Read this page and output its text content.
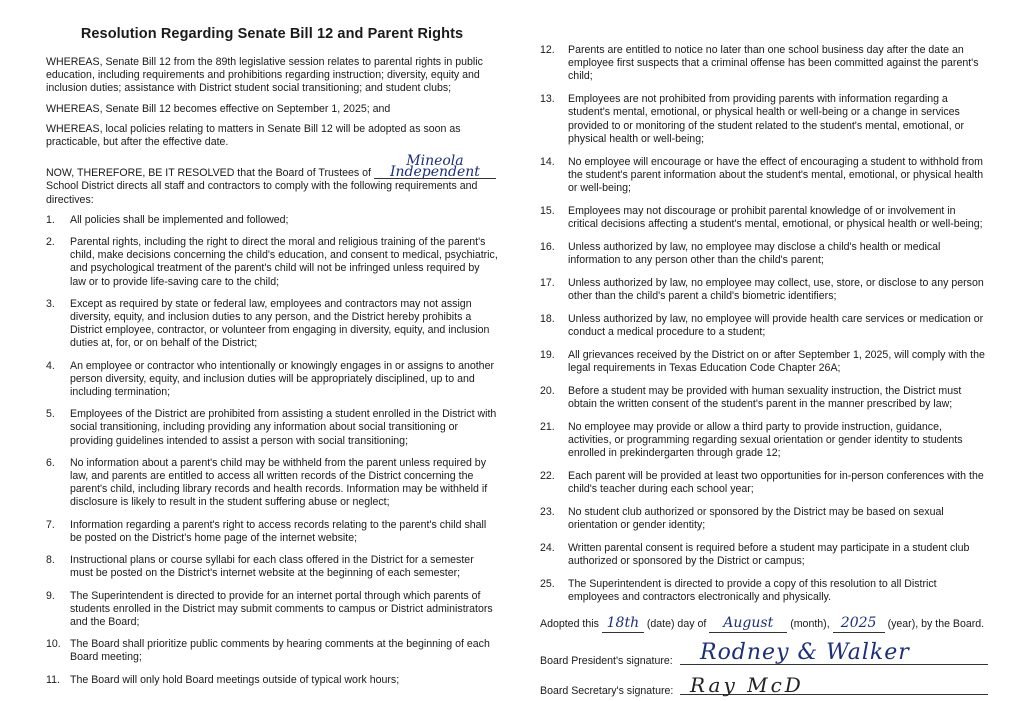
Resolution Regarding Senate Bill 12 and Parent Rights

WHEREAS, Senate Bill 12 from the 89th legislative session relates to parental rights in public education, including requirements and prohibitions regarding instruction; diversity, equity and inclusion duties; assistance with District student social transitioning; and student clubs;

WHEREAS, Senate Bill 12 becomes effective on September 1, 2025; and

WHEREAS, local policies relating to matters in Senate Bill 12 will be adopted as soon as practicable, but after the effective date.

NOW, THEREFORE, BE IT RESOLVED that the Board of Trustees of Mineola Independent School District directs all staff and contractors to comply with the following requirements and directives:

1. All policies shall be implemented and followed;
2. Parental rights, including the right to direct the moral and religious training of the parent's child, make decisions concerning the child's education, and consent to medical, psychiatric, and psychological treatment of the parent's child will not be infringed unless required by law or to provide life-saving care to the child;
3. Except as required by state or federal law, employees and contractors may not assign diversity, equity, and inclusion duties to any person, and the District hereby prohibits a District employee, contractor, or volunteer from engaging in diversity, equity, and inclusion duties at, for, or on behalf of the District;
4. An employee or contractor who intentionally or knowingly engages in or assigns to another person diversity, equity, and inclusion duties will be appropriately disciplined, up to and including termination;
5. Employees of the District are prohibited from assisting a student enrolled in the District with social transitioning, including providing any information about social transitioning or providing guidelines intended to assist a person with social transitioning;
6. No information about a parent's child may be withheld from the parent unless required by law, and parents are entitled to access all written records of the District concerning the parent's child, including library records and health records. Information may be withheld if disclosure is likely to result in the student suffering abuse or neglect;
7. Information regarding a parent's right to access records relating to the parent's child shall be posted on the District's home page of the internet website;
8. Instructional plans or course syllabi for each class offered in the District for a semester must be posted on the District's internet website at the beginning of each semester;
9. The Superintendent is directed to provide for an internet portal through which parents of students enrolled in the District may submit comments to campus or District administrators and the Board;
10. The Board shall prioritize public comments by hearing comments at the beginning of each Board meeting;
11. The Board will only hold Board meetings outside of typical work hours;
12. Parents are entitled to notice no later than one school business day after the date an employee first suspects that a criminal offense has been committed against the parent's child;
13. Employees are not prohibited from providing parents with information regarding a student's mental, emotional, or physical health or well-being or a change in services provided to or monitoring of the student related to the student's mental, emotional, or physical health or well-being;
14. No employee will encourage or have the effect of encouraging a student to withhold from the student's parent information about the student's mental, emotional, or physical health or well-being;
15. Employees may not discourage or prohibit parental knowledge of or involvement in critical decisions affecting a student's mental, emotional, or physical health or well-being;
16. Unless authorized by law, no employee may disclose a child's health or medical information to any person other than the child's parent;
17. Unless authorized by law, no employee may collect, use, store, or disclose to any person other than the child's parent a child's biometric identifiers;
18. Unless authorized by law, no employee will provide health care services or medication or conduct a medical procedure to a student;
19. All grievances received by the District on or after September 1, 2025, will comply with the legal requirements in Texas Education Code Chapter 26A;
20. Before a student may be provided with human sexuality instruction, the District must obtain the written consent of the student's parent in the manner prescribed by law;
21. No employee may provide or allow a third party to provide instruction, guidance, activities, or programming regarding sexual orientation or gender identity to students enrolled in prekindergarten through grade 12;
22. Each parent will be provided at least two opportunities for in-person conferences with the child's teacher during each school year;
23. No student club authorized or sponsored by the District may be based on sexual orientation or gender identity;
24. Written parental consent is required before a student may participate in a student club authorized or sponsored by the District or campus;
25. The Superintendent is directed to provide a copy of this resolution to all District employees and contractors electronically and physically.
Adopted this 18th (date) day of August (month), 2025 (year), by the Board.
Board President's signature: Rodney & Walker
Board Secretary's signature: Ray McD
